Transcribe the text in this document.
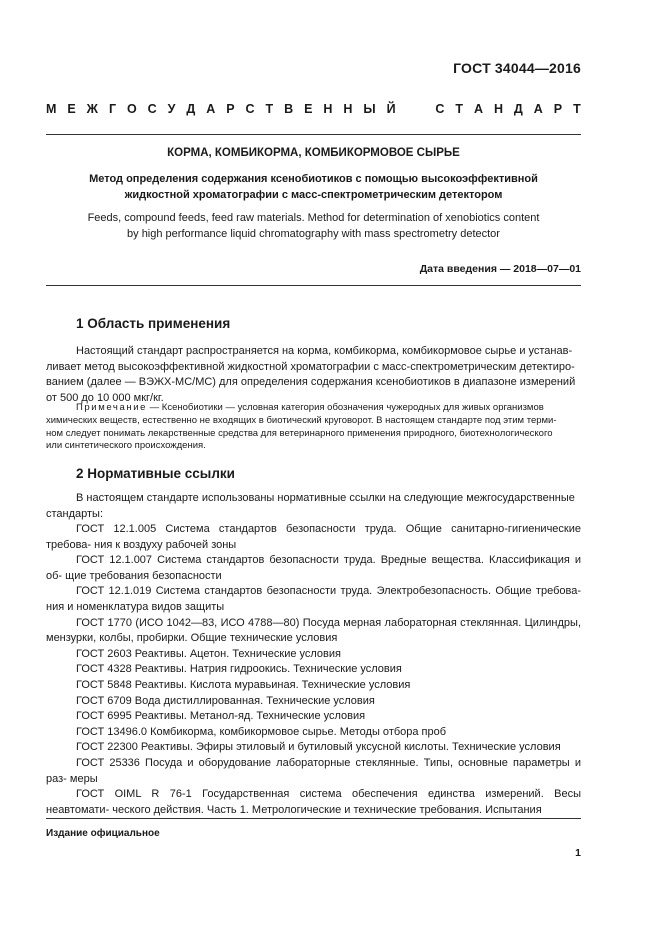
ГОСТ 34044—2016
М Е Ж Г О С У Д А Р С Т В Е Н Н Ы Й

	С Т А Н Д А Р Т
КОРМА, КОМБИКОРМА, КОМБИКОРМОВОЕ СЫРЬЕ
Метод определения содержания ксенобиотиков с помощью высокоэффективной
жидкостной хроматографии с масс-спектрометрическим детектором
Feeds, compound feeds, feed raw materials. Method for determination of xenobiotics content
by high performance liquid chromatography with mass spectrometry detector
Дата введения — 2018—07—01
1 Область применения
Настоящий стандарт распространяется на корма, комбикорма, комбикормовое сырье и устанав-
ливает метод высокоэффективной жидкостной хроматографии с масс-спектрометрическим детектиро-
ванием (далее — ВЭЖХ-МС/МС) для определения содержания ксенобиотиков в диапазоне измерений
от 500 до 10 000 мкг/кг.
Примечание — Ксенобиотики — условная категория обозначения чужеродных для живых организмов
химических веществ, естественно не входящих в биотический круговорот. В настоящем стандарте под этим терми-
ном следует понимать лекарственные средства для ветеринарного применения природного, биотехнологического
или синтетического происхождения.
2 Нормативные ссылки
В настоящем стандарте использованы нормативные ссылки на следующие межгосударственные
стандарты:
ГОСТ 12.1.005 Система стандартов безопасности труда. Общие санитарно-гигиенические требова- ния к воздуху рабочей зоны
ГОСТ 12.1.007 Система стандартов безопасности труда. Вредные вещества. Классификация и об- щие требования безопасности
ГОСТ 12.1.019 Система стандартов безопасности труда. Электробезопасность. Общие требова- ния и номенклатура видов защиты
ГОСТ 1770 (ИСО 1042—83, ИСО 4788—80) Посуда мерная лабораторная стеклянная. Цилиндры, мензурки, колбы, пробирки. Общие технические условия
ГОСТ 2603 Реактивы. Ацетон. Технические условия
ГОСТ 4328 Реактивы. Натрия гидроокись. Технические условия
ГОСТ 5848 Реактивы. Кислота муравьиная. Технические условия
ГОСТ 6709 Вода дистиллированная. Технические условия
ГОСТ 6995 Реактивы. Метанол-яд. Технические условия
ГОСТ 13496.0 Комбикорма, комбикормовое сырье. Методы отбора проб
ГОСТ 22300 Реактивы. Эфиры этиловый и бутиловый уксусной кислоты. Технические условия
ГОСТ 25336 Посуда и оборудование лабораторные стеклянные. Типы, основные параметры и раз- меры
ГОСТ OIML R 76-1 Государственная система обеспечения единства измерений. Весы неавтомати- ческого действия. Часть 1. Метрологические и технические требования. Испытания
Издание официальное
1
